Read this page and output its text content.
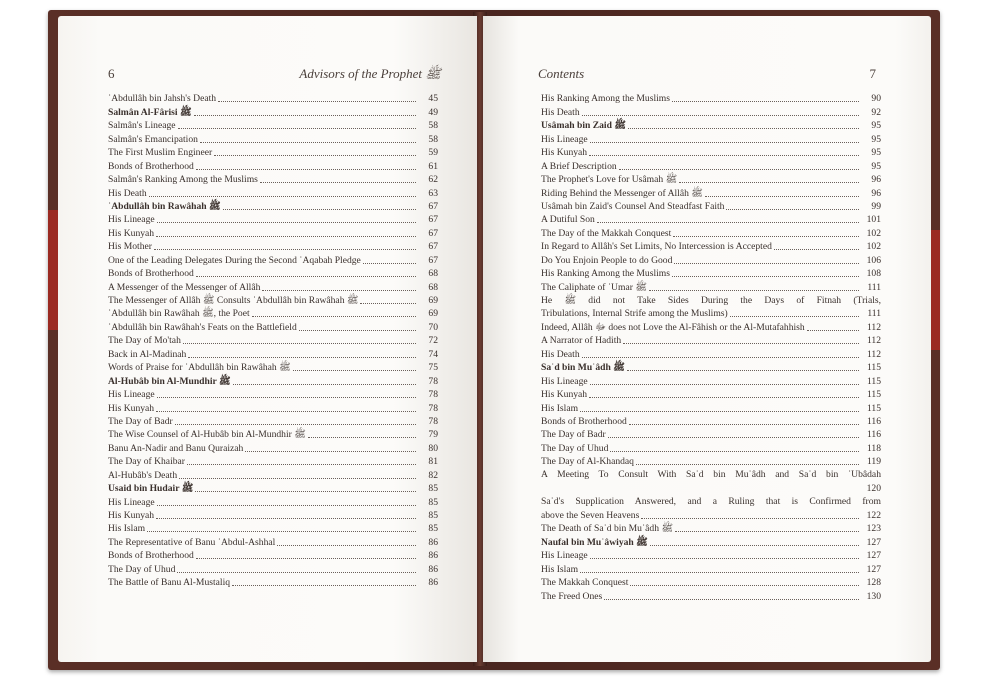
6	Advisors of the Prophet ﷺ
ʿAbdullâh bin Jahsh's Death	45
Salmân Al-Fârisi ﷺ	49
Salmân's Lineage	58
Salmân's Emancipation	58
The First Muslim Engineer	59
Bonds of Brotherhood	61
Salmân's Ranking Among the Muslims	62
His Death	63
ʿAbdullâh bin Rawâhah ﷺ	67
His Lineage	67
His Kunyah	67
His Mother	67
One of the Leading Delegates During the Second ʿAqabah Pledge	67
Bonds of Brotherhood	68
A Messenger of the Messenger of Allâh	68
The Messenger of Allâh ﷺ Consults ʿAbdullâh bin Rawâhah ﷺ	69
ʿAbdullâh bin Rawâhah ﷺ, the Poet	69
ʿAbdullâh bin Rawâhah's Feats on the Battlefield	70
The Day of Mo'tah	72
Back in Al-Madinah	74
Words of Praise for ʿAbdullâh bin Rawâhah ﷺ	75
Al-Hubâb bin Al-Mundhir ﷺ	78
His Lineage	78
His Kunyah	78
The Day of Badr	78
The Wise Counsel of Al-Hubâb bin Al-Mundhir ﷺ	79
Banu An-Nadir and Banu Quraizah	80
The Day of Khaibar	81
Al-Hubâb's Death	82
Usaid bin Hudair ﷺ	85
His Lineage	85
His Kunyah	85
His Islam	85
The Representative of Banu ʿAbdul-Ashhal	86
Bonds of Brotherhood	86
The Day of Uhud	86
The Battle of Banu Al-Mustaliq	86
Contents	7
His Ranking Among the Muslims	90
His Death	92
Usâmah bin Zaid ﷺ	95
His Lineage	95
His Kunyah	95
A Brief Description	95
The Prophet's Love for Usâmah ﷺ	96
Riding Behind the Messenger of Allâh ﷺ	96
Usâmah bin Zaid's Counsel And Steadfast Faith	99
A Dutiful Son	101
The Day of the Makkah Conquest	102
In Regard to Allâh's Set Limits, No Intercession is Accepted	102
Do You Enjoin People to do Good	106
His Ranking Among the Muslims	108
The Caliphate of ʿUmar ﷺ	111
He ﷺ did not Take Sides During the Days of Fitnah (Trials,
Tribulations, Internal Strife among the Muslims)	111
Indeed, Allâh ﷻ does not Love the Al-Fâhish or the Al-Mutafahhish	112
A Narrator of Hadith	112
His Death	112
Saʿd bin Muʿâdh ﷺ	115
His Lineage	115
His Kunyah	115
His Islam	115
Bonds of Brotherhood	116
The Day of Badr	116
The Day of Uhud	118
The Day of Al-Khandaq	119
A Meeting To Consult With Saʿd bin Muʿâdh and Saʿd bin ʿUbâdah
120
Saʿd's Supplication Answered, and a Ruling that is Confirmed from
above the Seven Heavens	122
The Death of Saʿd bin Muʿâdh ﷺ	123
Naufal bin Muʿâwiyah ﷺ	127
His Lineage	127
His Islam	127
The Makkah Conquest	128
The Freed Ones	130
